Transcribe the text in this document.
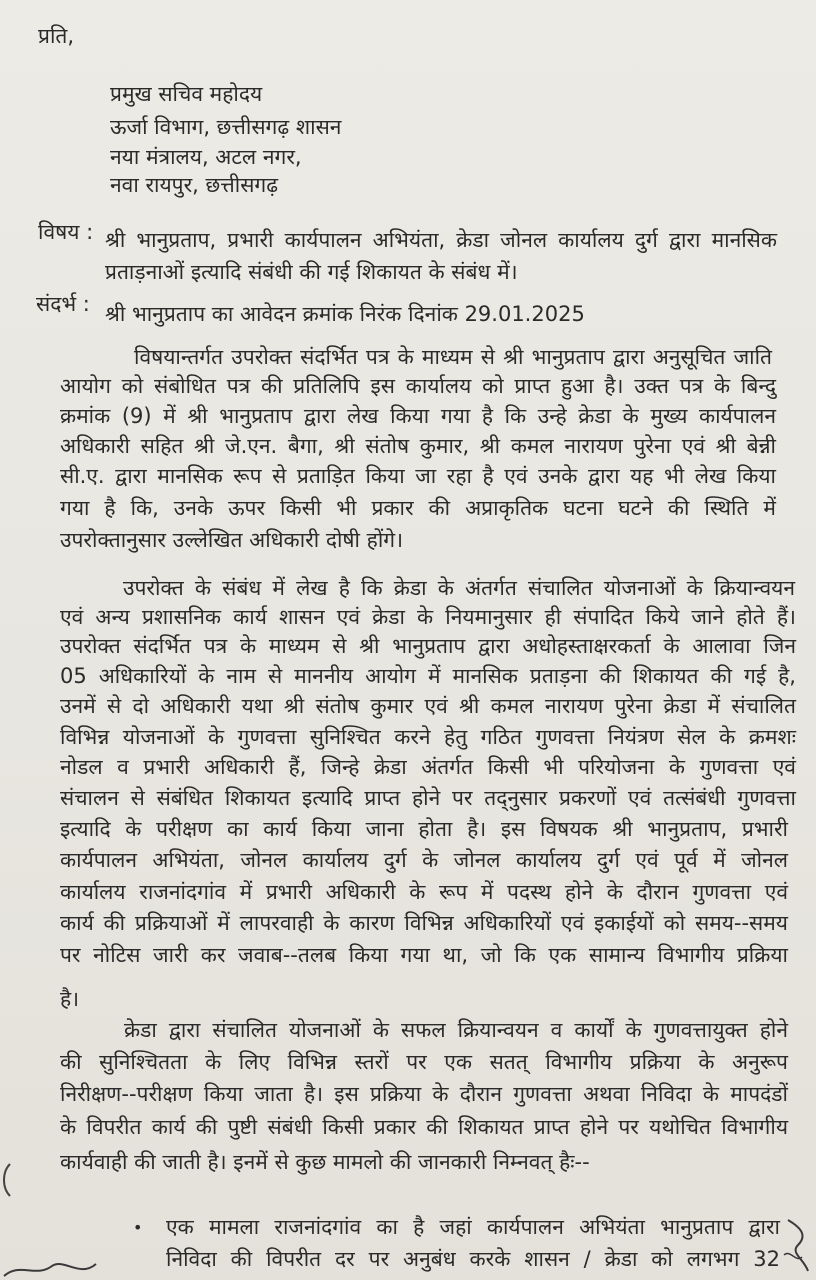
प्रति,
प्रमुख सचिव महोदय
ऊर्जा विभाग, छत्तीसगढ़ शासन
नया मंत्रालय, अटल नगर,
नवा रायपुर, छत्तीसगढ़
विषय : श्री भानुप्रताप, प्रभारी कार्यपालन अभियंता, क्रेडा जोनल कार्यालय दुर्ग द्वारा मानसिक
प्रताड़नाओं इत्यादि संबंधी की गई शिकायत के संबंध में।
संदर्भ : श्री भानुप्रताप का आवेदन क्रमांक निरंक दिनांक 29.01.2025
विषयान्तर्गत उपरोक्त संदर्भित पत्र के माध्यम से श्री भानुप्रताप द्वारा अनुसूचित जाति
आयोग को संबोधित पत्र की प्रतिलिपि इस कार्यालय को प्राप्त हुआ है। उक्त पत्र के बिन्दु
क्रमांक (9) में श्री भानुप्रताप द्वारा लेख किया गया है कि उन्हे क्रेडा के मुख्य कार्यपालन
अधिकारी सहित श्री जे.एन. बैगा, श्री संतोष कुमार, श्री कमल नारायण पुरेना एवं श्री बेन्नी
सी.ए. द्वारा मानसिक रूप से प्रताड़ित किया जा रहा है एवं उनके द्वारा यह भी लेख किया
गया है कि, उनके ऊपर किसी भी प्रकार की अप्राकृतिक घटना घटने की स्थिति में
उपरोक्तानुसार उल्लेखित अधिकारी दोषी होंगे।
उपरोक्त के संबंध में लेख है कि क्रेडा के अंतर्गत संचालित योजनाओं के क्रियान्वयन
एवं अन्य प्रशासनिक कार्य शासन एवं क्रेडा के नियमानुसार ही संपादित किये जाने होते हैं।
उपरोक्त संदर्भित पत्र के माध्यम से श्री भानुप्रताप द्वारा अधोहस्ताक्षरकर्ता के आलावा जिन
05 अधिकारियों के नाम से माननीय आयोग में मानसिक प्रताड़ना की शिकायत की गई है,
उनमें से दो अधिकारी यथा श्री संतोष कुमार एवं श्री कमल नारायण पुरेना क्रेडा में संचालित
विभिन्न योजनाओं के गुणवत्ता सुनिश्चित करने हेतु गठित गुणवत्ता नियंत्रण सेल के क्रमशः
नोडल व प्रभारी अधिकारी हैं, जिन्हे क्रेडा अंतर्गत किसी भी परियोजना के गुणवत्ता एवं
संचालन से संबंधित शिकायत इत्यादि प्राप्त होने पर तद्नुसार प्रकरणों एवं तत्संबंधी गुणवत्ता
इत्यादि के परीक्षण का कार्य किया जाना होता है। इस विषयक श्री भानुप्रताप, प्रभारी
कार्यपालन अभियंता, जोनल कार्यालय दुर्ग के जोनल कार्यालय दुर्ग एवं पूर्व में जोनल
कार्यालय राजनांदगांव में प्रभारी अधिकारी के रूप में पदस्थ होने के दौरान गुणवत्ता एवं
कार्य की प्रक्रियाओं में लापरवाही के कारण विभिन्न अधिकारियों एवं इकाईयों को समय--समय
पर नोटिस जारी कर जवाब--तलब किया गया था, जो कि एक सामान्य विभागीय प्रक्रिया
है।
क्रेडा द्वारा संचालित योजनाओं के सफल क्रियान्वयन व कार्यों के गुणवत्तायुक्त होने
की सुनिश्चितता के लिए विभिन्न स्तरों पर एक सतत् विभागीय प्रक्रिया के अनुरूप
निरीक्षण--परीक्षण किया जाता है। इस प्रक्रिया के दौरान गुणवत्ता अथवा निविदा के मापदंडों
के विपरीत कार्य की पुष्टी संबंधी किसी प्रकार की शिकायत प्राप्त होने पर यथोचित विभागीय
कार्यवाही की जाती है। इनमें से कुछ मामलो की जानकारी निम्नवत् हैः--
• एक मामला राजनांदगांव का है जहां कार्यपालन अभियंता भानुप्रताप द्वारा
निविदा की विपरीत दर पर अनुबंध करके शासन / क्रेडा को लगभग 32
